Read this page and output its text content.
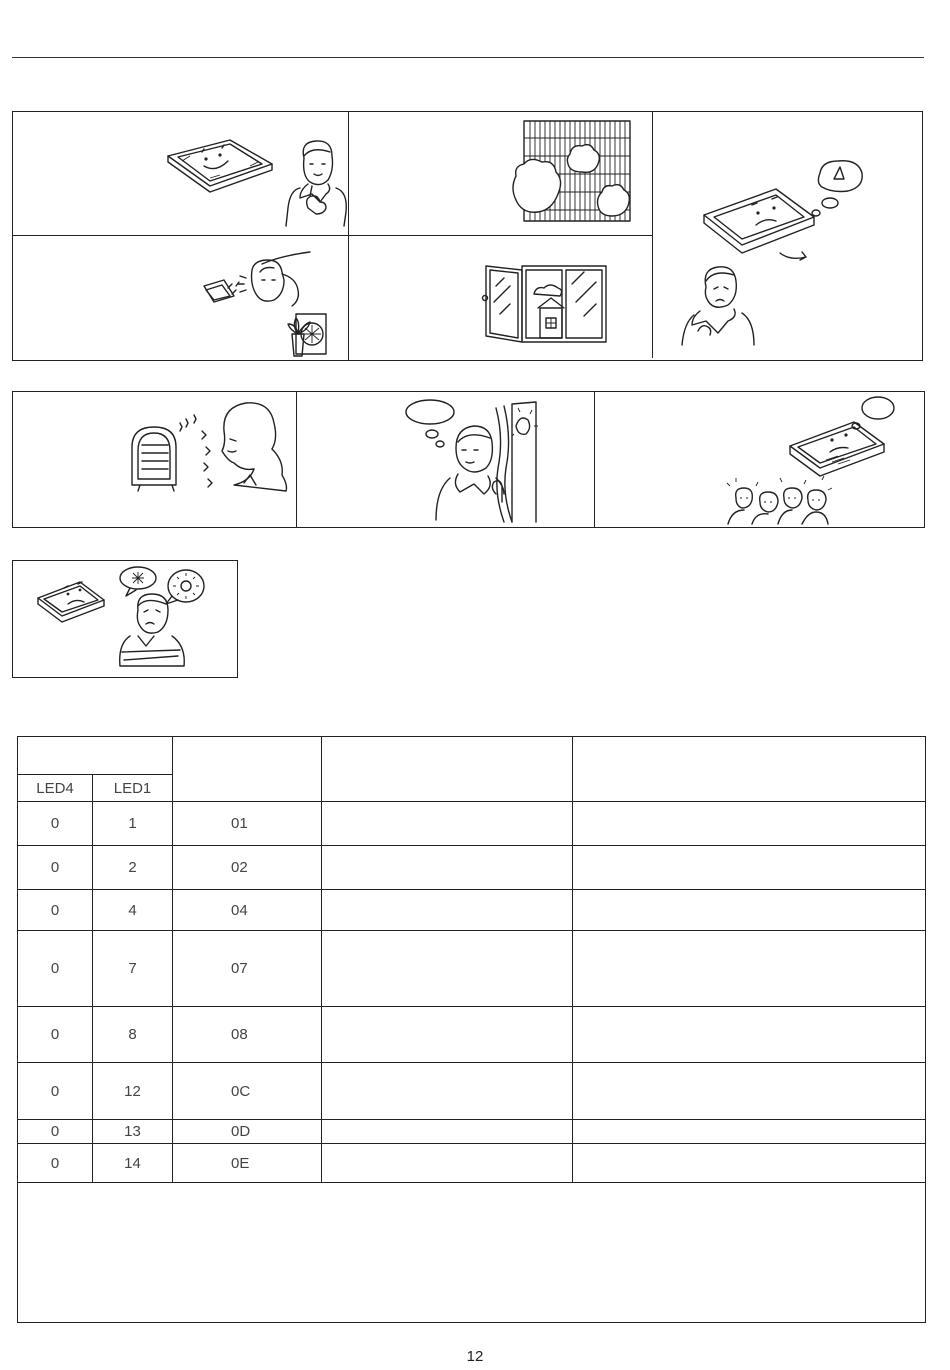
LED4	LED1			
0	1	01		
0	2	02		
0	4	04		
0	7	07		
0	8	08		
0	12	0C		
0	13	0D		
0	14	0E		

12
